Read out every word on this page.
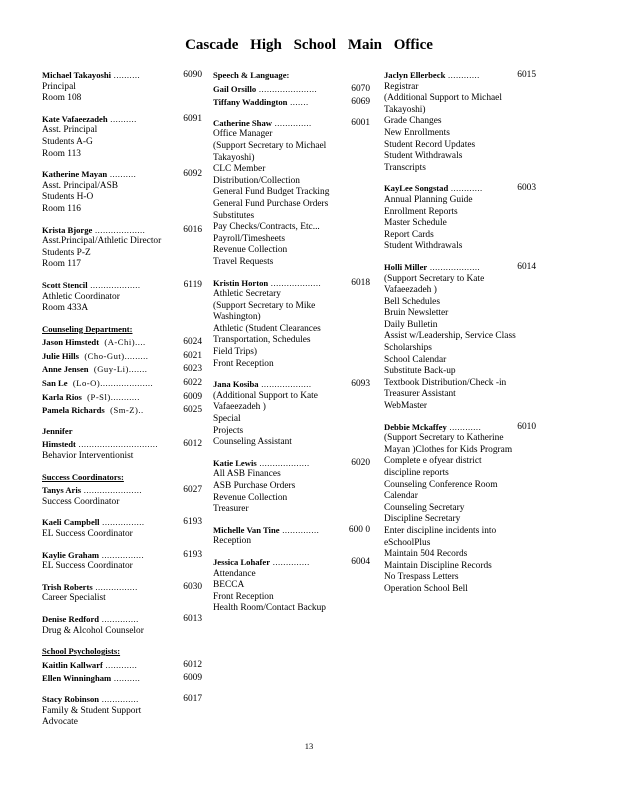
Cascade High School Main Office
Michael Takayoshi ..........	6090
Principal
Room 108
Kate Vafaeezadeh ..........	6091
Asst. Principal
Students A-G
Room 113
Katherine Mayan ..........	6092
Asst. Principal/ASB
Students H-O
Room 116
Krista Bjorge ...................	6016
Asst.Principal/Athletic Director
Students P-Z
Room 117
Scott Stencil ...................	6119
Athletic Coordinator
Room 433A
Counseling Department:
Jason Himstedt (A-Chi)....	6024
Julie Hills (Cho-Gut).........	6021
Anne Jensen (Guy-Li).......	6023
San Le (Lo-O)....................	6022
Karla Rios (P-Sl)...........	6009
Pamela Richards (Sm-Z)..	6025
Jennifer
Himstedt ..............................	6012
Behavior Interventionist
Success Coordinators:
Tanys Aris ......................	6027
Success Coordinator
Kaeli Campbell ................	6193
EL Success Coordinator
Kaylie Graham ................	6193
EL Success Coordinator
Trish Roberts ................	6030
Career Specialist
Denise Redford ..............	6013
Drug & Alcohol Counselor
School Psychologists:
Kaitlin Kallwarf ............	6012
Ellen Winningham ..........	6009
Stacy Robinson ..............	6017
Family & Student Support
Advocate
Speech & Language:
Gail Orsillo ......................	6070
Tiffany Waddington .......	6069
Catherine Shaw ..............	6001
Office Manager
(Support Secretary to Michael
Takayoshi)
CLC Member
Distribution/Collection
General Fund Budget Tracking
General Fund Purchase Orders
Substitutes
Pay Checks/Contracts, Etc...
Payroll/Timesheets
Revenue Collection
Travel Requests
Kristin Horton ...................	6018
Athletic Secretary
(Support Secretary to Mike
Washington)
Athletic (Student Clearances
Transportation, Schedules
Field Trips)
Front Reception
Jana Kosiba ...................	6093
(Additional Support to Kate
Vafaeezadeh )
Special
Projects
Counseling Assistant
Katie Lewis ...................	6020
All ASB Finances
ASB Purchase Orders
Revenue Collection
Treasurer
Michelle Van Tine ..............	600 0
Reception
Jessica Lohafer ..............	6004
Attendance
BECCA
Front Reception
Health Room/Contact Backup
Jaclyn Ellerbeck ............	6015
Registrar
(Additional Support to Michael
Takayoshi)
Grade Changes
New Enrollments
Student Record Updates
Student Withdrawals
Transcripts
KayLee Songstad ............	6003
Annual Planning Guide
Enrollment Reports
Master Schedule
Report Cards
Student Withdrawals
Holli Miller ...................	6014
(Support Secretary to Kate
Vafaeezadeh )
Bell Schedules
Bruin Newsletter
Daily Bulletin
Assist w/Leadership, Service Class
Scholarships
School Calendar
Substitute Back-up
Textbook Distribution/Check -in
Treasurer Assistant
WebMaster
Debbie Mckaffey ............	6010
(Support Secretary to Katherine
Mayan )Clothes for Kids Program
Complete e ofyear district
discipline reports
Counseling Conference Room
Calendar
Counseling Secretary
Discipline Secretary
Enter discipline incidents into
eSchoolPlus
Maintain 504 Records
Maintain Discipline Records
No Trespass Letters
Operation School Bell
13
